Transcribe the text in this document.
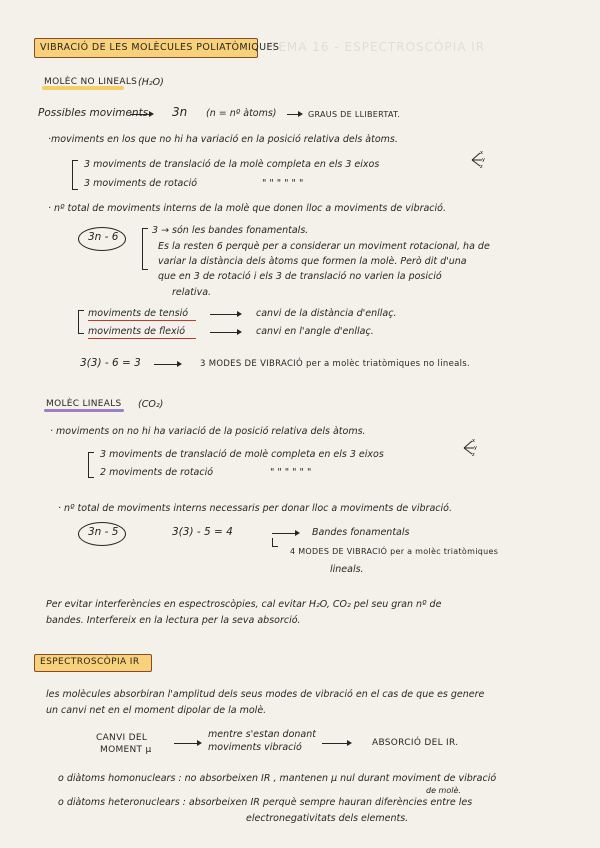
TEMA 16 - ESPECTROSCÒPIA IR
VIBRACIÓ DE LES MOLÈCULES POLIATÒMIQUES
MOLÈC NO LINEALS (H₂O)
Possibles moviments 3n (n = nº àtoms)	GRAUS DE LLIBERTAT.
·moviments en los que no hi ha variació en la posició relativa dels àtoms.
3 moviments de translació de la molè completa en els 3 eixos
3 moviments de rotació	" " " " " "
x
y
z
· nº total de moviments interns de la molè que donen lloc a moviments de vibració.
3n - 6
3 → són les bandes fonamentals.
Es la resten 6 perquè per a considerar un moviment rotacional, ha de
variar la distància dels àtoms que formen la molè. Però dit d'una
que en 3 de rotació i els 3 de translació no varien la posició
relativa.
moviments de tensió	canvi de la distància d'enllaç.
moviments de flexió	canvi en l'angle d'enllaç.
3(3) - 6 = 3	3 MODES DE VIBRACIÓ per a molèc triatòmiques no lineals.
MOLÈC LINEALS (CO₂)
· moviments on no hi ha variació de la posició relativa dels àtoms.
3 moviments de translació de molè completa en els 3 eixos
2 moviments de rotació	" " " " " "
x
y
z
· nº total de moviments interns necessaris per donar lloc a moviments de vibració.
3n - 5	3(3) - 5 = 4	Bandes fonamentals
4 MODES DE VIBRACIÓ per a molèc triatòmiques
lineals.
Per evitar interferències en espectroscòpies, cal evitar H₂O, CO₂ pel seu gran nº de
bandes. Interfereix en la lectura per la seva absorció.
ESPECTROSCÒPIA IR
les molècules absorbiran l'amplitud dels seus modes de vibració en el cas de que es genere
un canvi net en el moment dipolar de la molè.
CANVI DEL
MOMENT μ
mentre s'estan donant
moviments vibració	ABSORCIÓ DEL IR.
o diàtoms homonuclears : no absorbeixen IR , mantenen μ nul durant moviment de vibració
de molè.
o diàtoms heteronuclears : absorbeixen IR perquè sempre hauran diferències entre les
electronegativitats dels elements.
